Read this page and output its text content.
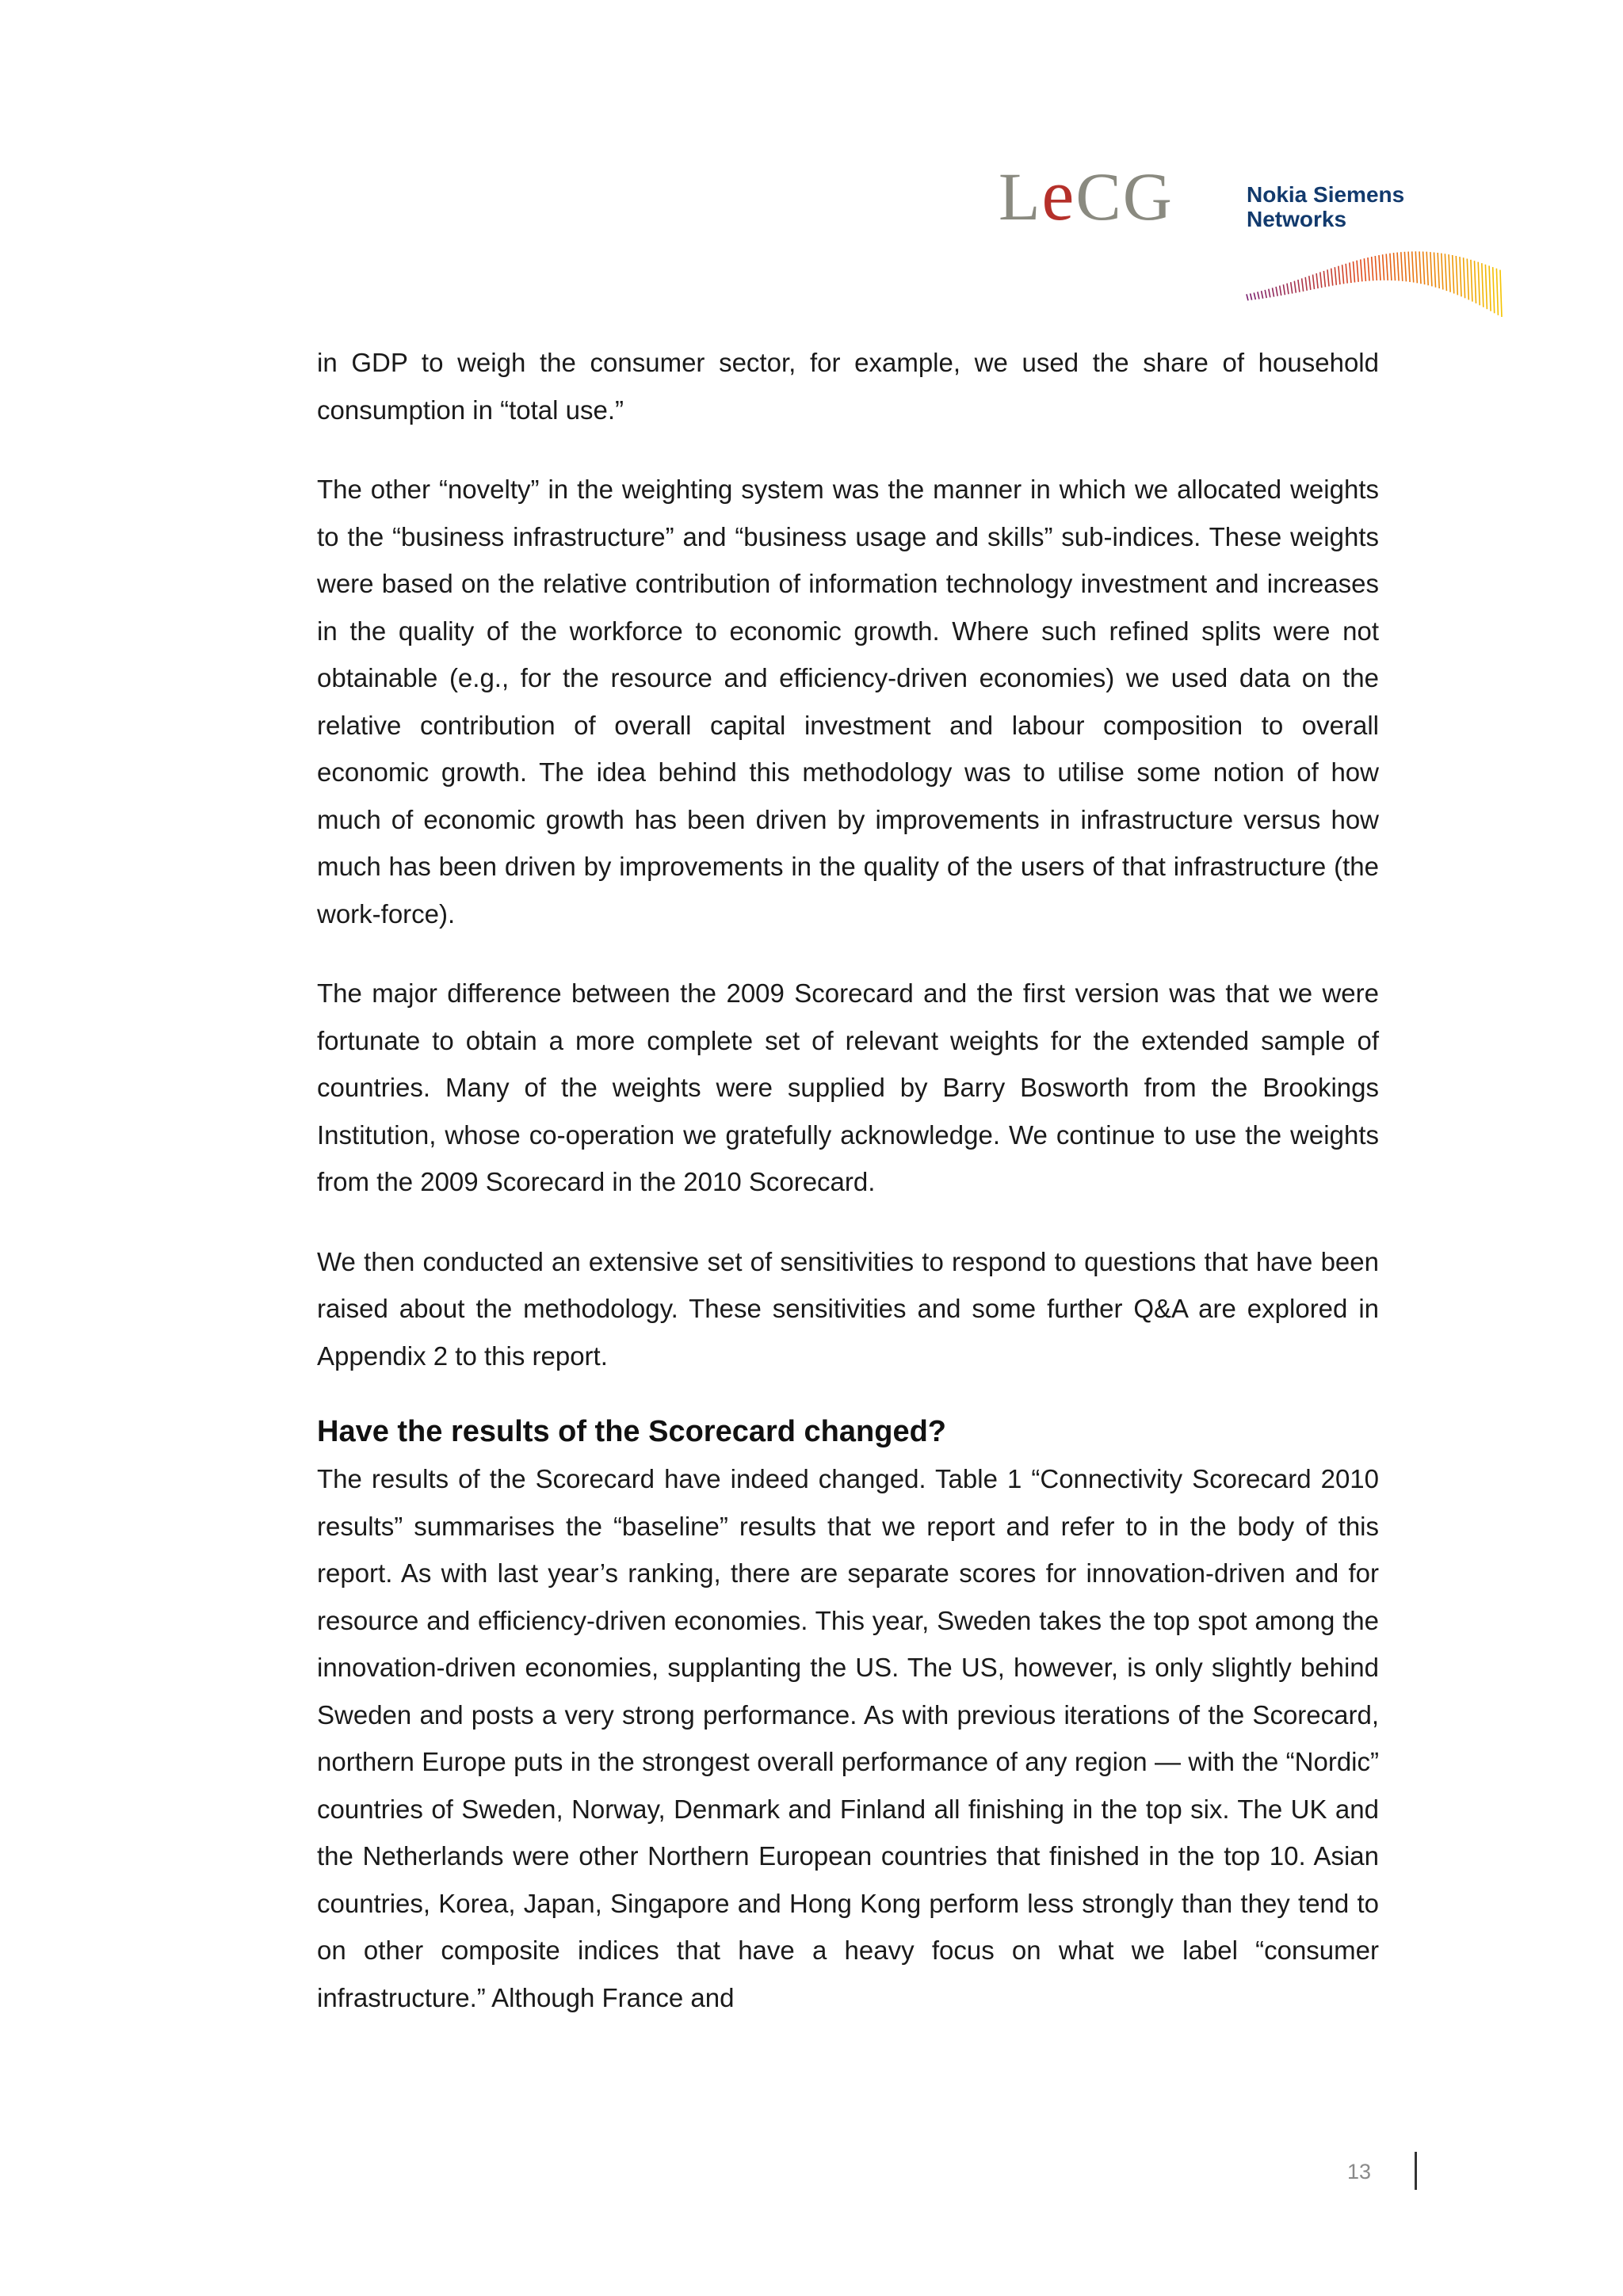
LeCG	Nokia Siemens
Networks

in GDP to weigh the consumer sector, for example, we used the share of household consumption in “total use.”

The other “novelty” in the weighting system was the manner in which we allocated weights to the “business infrastructure” and “business usage and skills” sub-indices. These weights were based on the relative contribution of information technology investment and increases in the quality of the workforce to economic growth. Where such refined splits were not obtainable (e.g., for the resource and efficiency-driven economies) we used data on the relative contribution of overall capital investment and labour composition to overall economic growth. The idea behind this methodology was to utilise some notion of how much of economic growth has been driven by improvements in infrastructure versus how much has been driven by improvements in the quality of the users of that infrastructure (the work-force).

The major difference between the 2009 Scorecard and the first version was that we were fortunate to obtain a more complete set of relevant weights for the extended sample of countries. Many of the weights were supplied by Barry Bosworth from the Brookings Institution, whose co-operation we gratefully acknowledge. We continue to use the weights from the 2009 Scorecard in the 2010 Scorecard.

We then conducted an extensive set of sensitivities to respond to questions that have been raised about the methodology. These sensitivities and some further Q&A are explored in Appendix 2 to this report.

Have the results of the Scorecard changed?

The results of the Scorecard have indeed changed. Table 1 “Connectivity Scorecard 2010 results” summarises the “baseline” results that we report and refer to in the body of this report. As with last year’s ranking, there are separate scores for innovation-driven and for resource and efficiency-driven economies. This year, Sweden takes the top spot among the innovation-driven economies, supplanting the US. The US, however, is only slightly behind Sweden and posts a very strong performance. As with previous iterations of the Scorecard, northern Europe puts in the strongest overall performance of any region — with the “Nordic” countries of Sweden, Norway, Denmark and Finland all finishing in the top six. The UK and the Netherlands were other Northern European countries that finished in the top 10. Asian countries, Korea, Japan, Singapore and Hong Kong perform less strongly than they tend to on other composite indices that have a heavy focus on what we label “consumer infrastructure.” Although France and

13
